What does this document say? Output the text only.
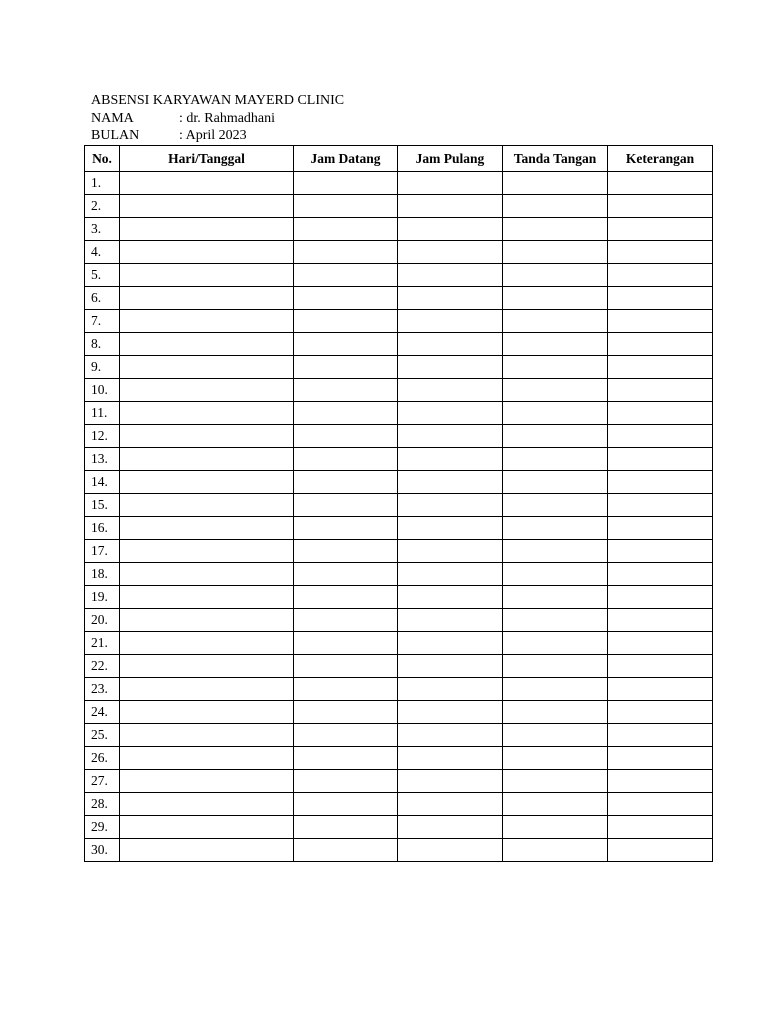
ABSENSI KARYAWAN MAYERD CLINIC
NAMA	: dr. Rahmadhani
BULAN	: April 2023
No.	Hari/Tanggal	Jam Datang	Jam Pulang	Tanda Tangan	Keterangan
1.					
2.					
3.					
4.					
5.					
6.					
7.					
8.					
9.					
10.					
11.					
12.					
13.					
14.					
15.					
16.					
17.					
18.					
19.					
20.					
21.					
22.					
23.					
24.					
25.					
26.					
27.					
28.					
29.					
30.					
